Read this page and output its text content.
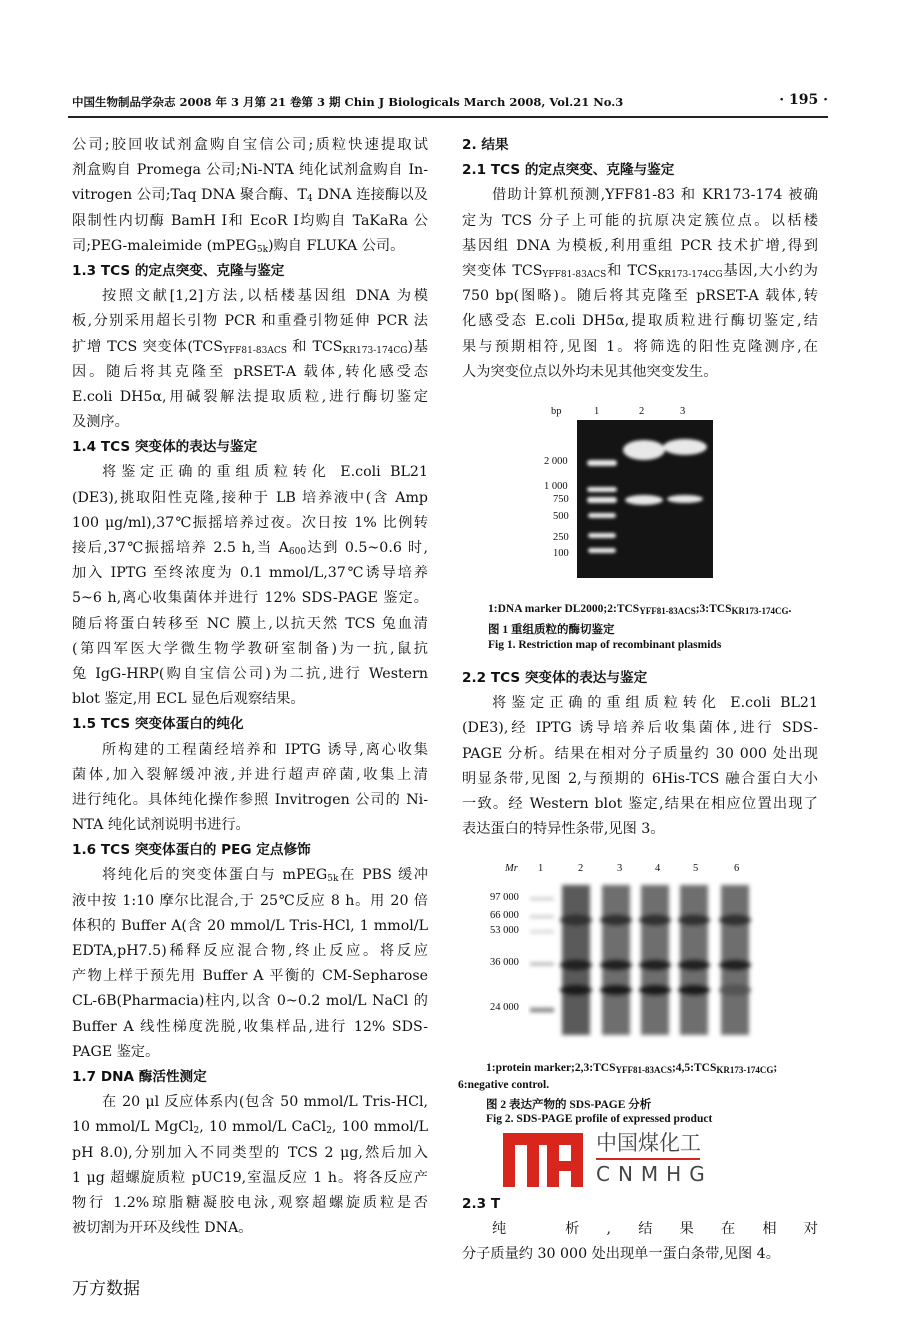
中国生物制品学杂志 2008 年 3 月第 21 卷第 3 期 Chin J Biologicals March 2008, Vol.21 No.3	· 195 ·
公司;胶回收试剂盒购自宝信公司;质粒快速提取试
剂盒购自 Promega 公司;Ni-NTA 纯化试剂盒购自 In-
vitrogen 公司;Taq DNA 聚合酶、$T_4$ DNA 连接酶以及
限制性内切酶 BamH Ⅰ和 EcoR Ⅰ均购自 TaKaRa 公
司;PEG-maleimide (mPEG$_{5k}$)购自 FLUKA 公司。
1.3 TCS 的定点突变、克隆与鉴定
按照文献[1,2]方法,以栝楼基因组 DNA 为模
板,分别采用超长引物 PCR 和重叠引物延伸 PCR 法
扩增 TCS 突变体($TCS_{YFF81-83ACS}$ 和 $TCS_{KR173-174CG}$)基
因。随后将其克隆至 pRSET-A 载体,转化感受态
E.coli DH5α,用碱裂解法提取质粒,进行酶切鉴定
及测序。
1.4 TCS 突变体的表达与鉴定
将鉴定正确的重组质粒转化 E.coli BL21
(DE3),挑取阳性克隆,接种于 LB 培养液中(含 Amp
100 μg/ml),37℃振摇培养过夜。次日按 1% 比例转
接后,37℃振摇培养 2.5 h,当 $A_{600}$达到 0.5~0.6 时,
加入 IPTG 至终浓度为 0.1 mmol/L,37℃诱导培养
5~6 h,离心收集菌体并进行 12% SDS-PAGE 鉴定。
随后将蛋白转移至 NC 膜上,以抗天然 TCS 兔血清
(第四军医大学微生物学教研室制备)为一抗,鼠抗
兔 IgG-HRP(购自宝信公司)为二抗,进行 Western
blot 鉴定,用 ECL 显色后观察结果。
1.5 TCS 突变体蛋白的纯化
所构建的工程菌经培养和 IPTG 诱导,离心收集
菌体,加入裂解缓冲液,并进行超声碎菌,收集上清
进行纯化。具体纯化操作参照 Invitrogen 公司的 Ni-
NTA 纯化试剂说明书进行。
1.6 TCS 突变体蛋白的 PEG 定点修饰
将纯化后的突变体蛋白与 mPEG$_{5k}$在 PBS 缓冲
液中按 1:10 摩尔比混合,于 25℃反应 8 h。用 20 倍
体积的 Buffer A(含 20 mmol/L Tris-HCl, 1 mmol/L
EDTA,pH7.5)稀释反应混合物,终止反应。将反应
产物上样于预先用 Buffer A 平衡的 CM-Sepharose
CL-6B(Pharmacia)柱内,以含 0~0.2 mol/L NaCl 的
Buffer A 线性梯度洗脱,收集样品,进行 12% SDS-
PAGE 鉴定。
1.7 DNA 酶活性测定
在 20 μl 反应体系内(包含 50 mmol/L Tris-HCl,
10 mmol/L MgCl$_2$, 10 mmol/L CaCl$_2$, 100 mmol/L
pH 8.0),分别加入不同类型的 TCS 2 μg,然后加入
1 μg 超螺旋质粒 pUC19,室温反应 1 h。将各反应产
物行 1.2%琼脂糖凝胶电泳,观察超螺旋质粒是否
被切割为开环及线性 DNA。
2. 结果
2.1 TCS 的定点突变、克隆与鉴定
借助计算机预测,YFF81-83 和 KR173-174 被确
定为 TCS 分子上可能的抗原决定簇位点。以栝楼
基因组 DNA 为模板,利用重组 PCR 技术扩增,得到
突变体 $TCS_{YFF81-83ACS}$和 $TCS_{KR173-174CG}$基因,大小约为
750 bp(图略)。随后将其克隆至 pRSET-A 载体,转
化感受态 E.coli DH5α,提取质粒进行酶切鉴定,结
果与预期相符,见图 1。将筛选的阳性克隆测序,在
人为突变位点以外均未见其他突变发生。
2.2 TCS 突变体的表达与鉴定
将鉴定正确的重组质粒转化 E.coli BL21
(DE3),经 IPTG 诱导培养后收集菌体,进行 SDS-
PAGE 分析。结果在相对分子质量约 30 000 处出现
明显条带,见图 2,与预期的 6His-TCS 融合蛋白大小
一致。经 Western blot 鉴定,结果在相应位置出现了
表达蛋白的特异性条带,见图 3。
2.3 T
纯 析,结果在相对
分子质量约 30 000 处出现单一蛋白条带,见图 4。
bp	1	2	3
2 000
1 000
750
500
250
100
1:DNA marker $DL2000;2:TCS_{YFF81-83ACS};3:TCS_{KR173-174CG}$.
图 1 重组质粒的酶切鉴定
Fig 1. Restriction map of recombinant plasmids
Mr 1	2	3	4	5	6
97 000
66 000
53 000
36 000
24 000
1:protein $marker;2,3:TCS_{YFF81-83ACS};4,5:TCS_{KR173-174CG}$;
6:negative control.
图 2 表达产物的 SDS-PAGE 分析
Fig 2. SDS-PAGE profile of expressed product
中国煤化工
CNMHG
万方数据
